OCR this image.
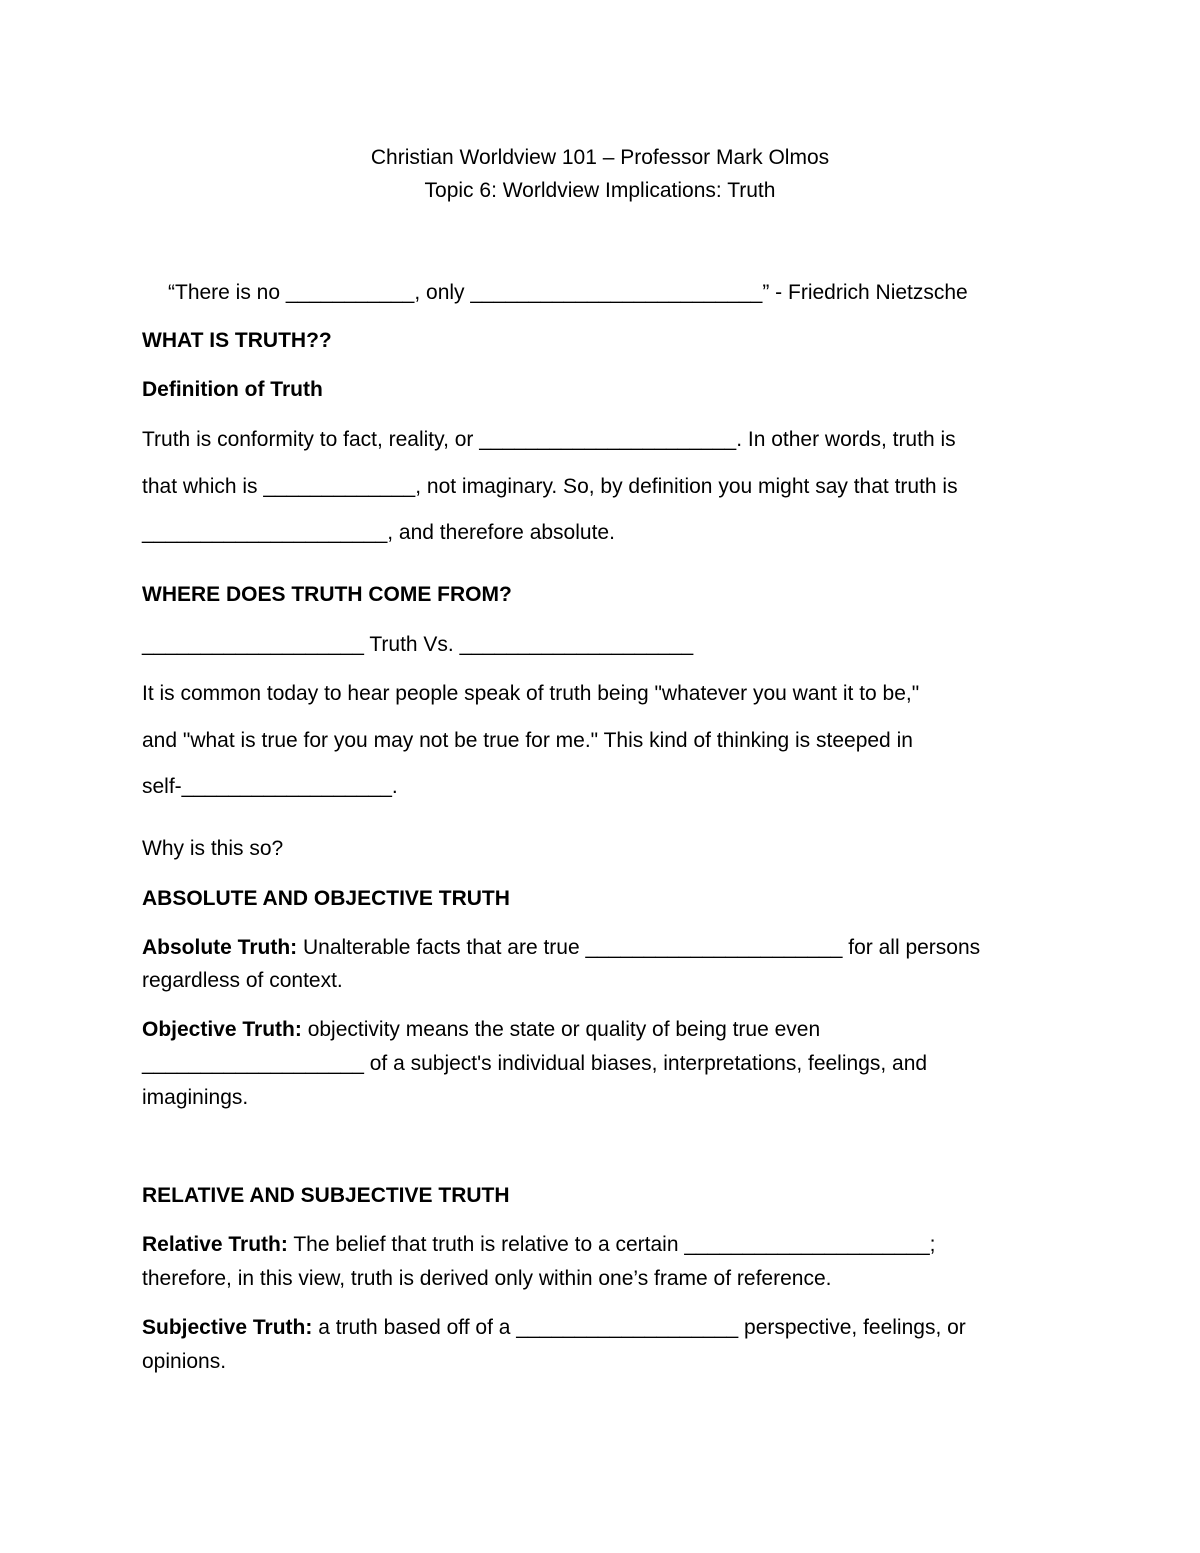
Christian Worldview 101 – Professor Mark Olmos
Topic 6: Worldview Implications: Truth
“There is no ___________, only _________________________” - Friedrich Nietzsche
WHAT IS TRUTH??
Definition of Truth
Truth is conformity to fact, reality, or ______________________. In other words, truth is
that which is _____________, not imaginary. So, by definition you might say that truth is
_____________________, and therefore absolute.
WHERE DOES TRUTH COME FROM?
___________________ Truth Vs. ____________________
It is common today to hear people speak of truth being "whatever you want it to be,"
and "what is true for you may not be true for me." This kind of thinking is steeped in
self-__________________.
Why is this so?
ABSOLUTE AND OBJECTIVE TRUTH
Absolute Truth: Unalterable facts that are true ______________________ for all persons
regardless of context.
Objective Truth: objectivity means the state or quality of being true even
___________________ of a subject's individual biases, interpretations, feelings, and
imaginings.
RELATIVE AND SUBJECTIVE TRUTH
Relative Truth: The belief that truth is relative to a certain _____________________;
therefore, in this view, truth is derived only within one’s frame of reference.
Subjective Truth: a truth based off of a ___________________ perspective, feelings, or
opinions.
